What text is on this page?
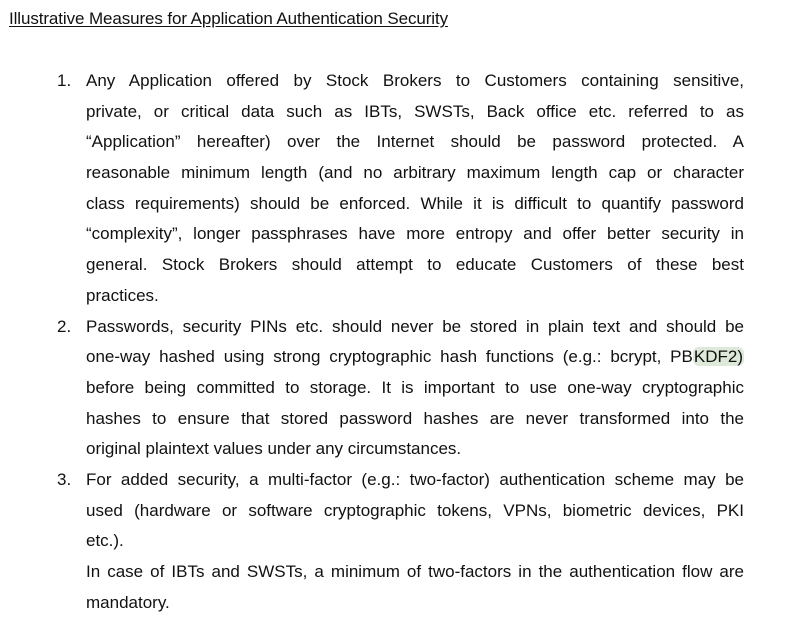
Illustrative Measures for Application Authentication Security
1. Any Application offered by Stock Brokers to Customers containing sensitive,
private, or critical data such as IBTs, SWSTs, Back office etc. referred to as
“Application” hereafter) over the Internet should be password protected. A
reasonable minimum length (and no arbitrary maximum length cap or character
class requirements) should be enforced. While it is difficult to quantify password
“complexity”, longer passphrases have more entropy and offer better security in
general. Stock Brokers should attempt to educate Customers of these best
practices.
2. Passwords, security PINs etc. should never be stored in plain text and should be
one-way hashed using strong cryptographic hash functions (e.g.: bcrypt, PBKDF2)
before being committed to storage. It is important to use one-way cryptographic
hashes to ensure that stored password hashes are never transformed into the
original plaintext values under any circumstances.
3. For added security, a multi-factor (e.g.: two-factor) authentication scheme may be
used (hardware or software cryptographic tokens, VPNs, biometric devices, PKI
etc.).
In case of IBTs and SWSTs, a minimum of two-factors in the authentication flow are
mandatory.
